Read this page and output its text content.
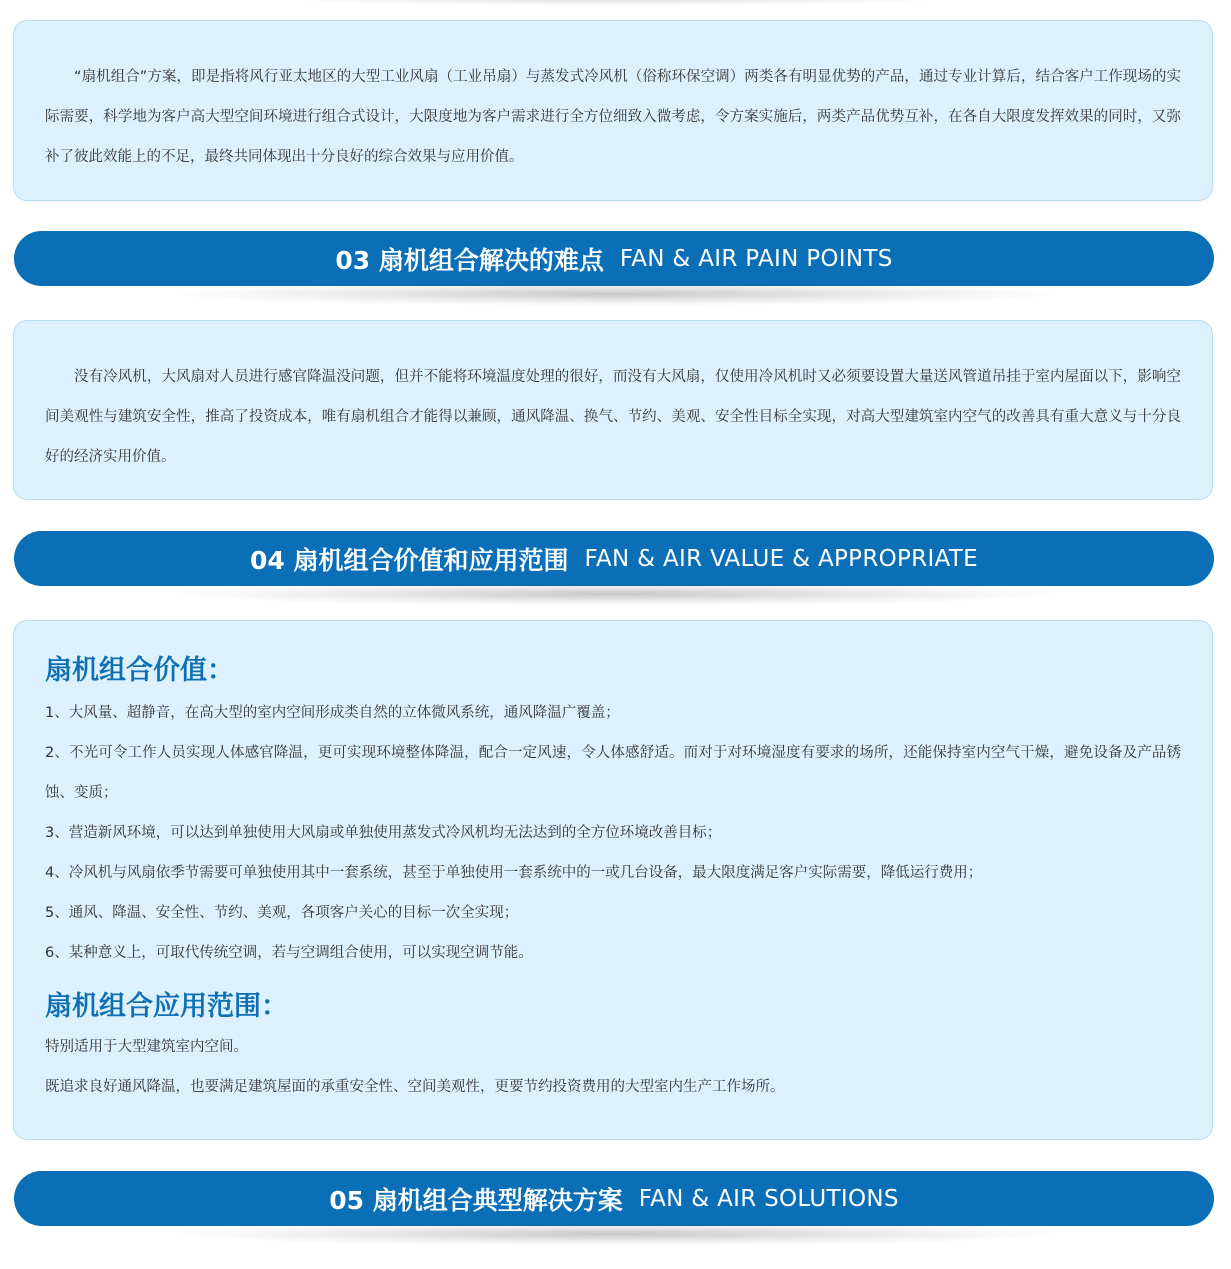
“扇机组合”方案，即是指将风行亚太地区的大型工业风扇（工业吊扇）与蒸发式冷风机（俗称环保空调）两类各有明显优势的产品，通过专业计算后，结合客户工作现场的实际需要，科学地为客户高大型空间环境进行组合式设计，大限度地为客户需求进行全方位细致入微考虑，令方案实施后，两类产品优势互补，在各自大限度发挥效果的同时，又弥补了彼此效能上的不足，最终共同体现出十分良好的综合效果与应用价值。

03 扇机组合解决的难点 FAN & AIR PAIN POINTS

没有冷风机，大风扇对人员进行感官降温没问题，但并不能将环境温度处理的很好，而没有大风扇，仅使用冷风机时又必须要设置大量送风管道吊挂于室内屋面以下，影响空间美观性与建筑安全性，推高了投资成本，唯有扇机组合才能得以兼顾，通风降温、换气、节约、美观、安全性目标全实现，对高大型建筑室内空气的改善具有重大意义与十分良好的经济实用价值。

04 扇机组合价值和应用范围 FAN & AIR VALUE & APPROPRIATE
扇机组合价值：

1、大风量、超静音，在高大型的室内空间形成类自然的立体微风系统，通风降温广覆盖；

2、不光可令工作人员实现人体感官降温，更可实现环境整体降温，配合一定风速，令人体感舒适。而对于对环境湿度有要求的场所，还能保持室内空气干燥，避免设备及产品锈蚀、变质；

3、营造新风环境，可以达到单独使用大风扇或单独使用蒸发式冷风机均无法达到的全方位环境改善目标；

4、冷风机与风扇依季节需要可单独使用其中一套系统，甚至于单独使用一套系统中的一或几台设备，最大限度满足客户实际需要，降低运行费用；

5、通风、降温、安全性、节约、美观，各项客户关心的目标一次全实现；

6、某种意义上，可取代传统空调，若与空调组合使用，可以实现空调节能。

扇机组合应用范围：

特别适用于大型建筑室内空间。

既追求良好通风降温，也要满足建筑屋面的承重安全性、空间美观性，更要节约投资费用的大型室内生产工作场所。

05 扇机组合典型解决方案 FAN & AIR SOLUTIONS
